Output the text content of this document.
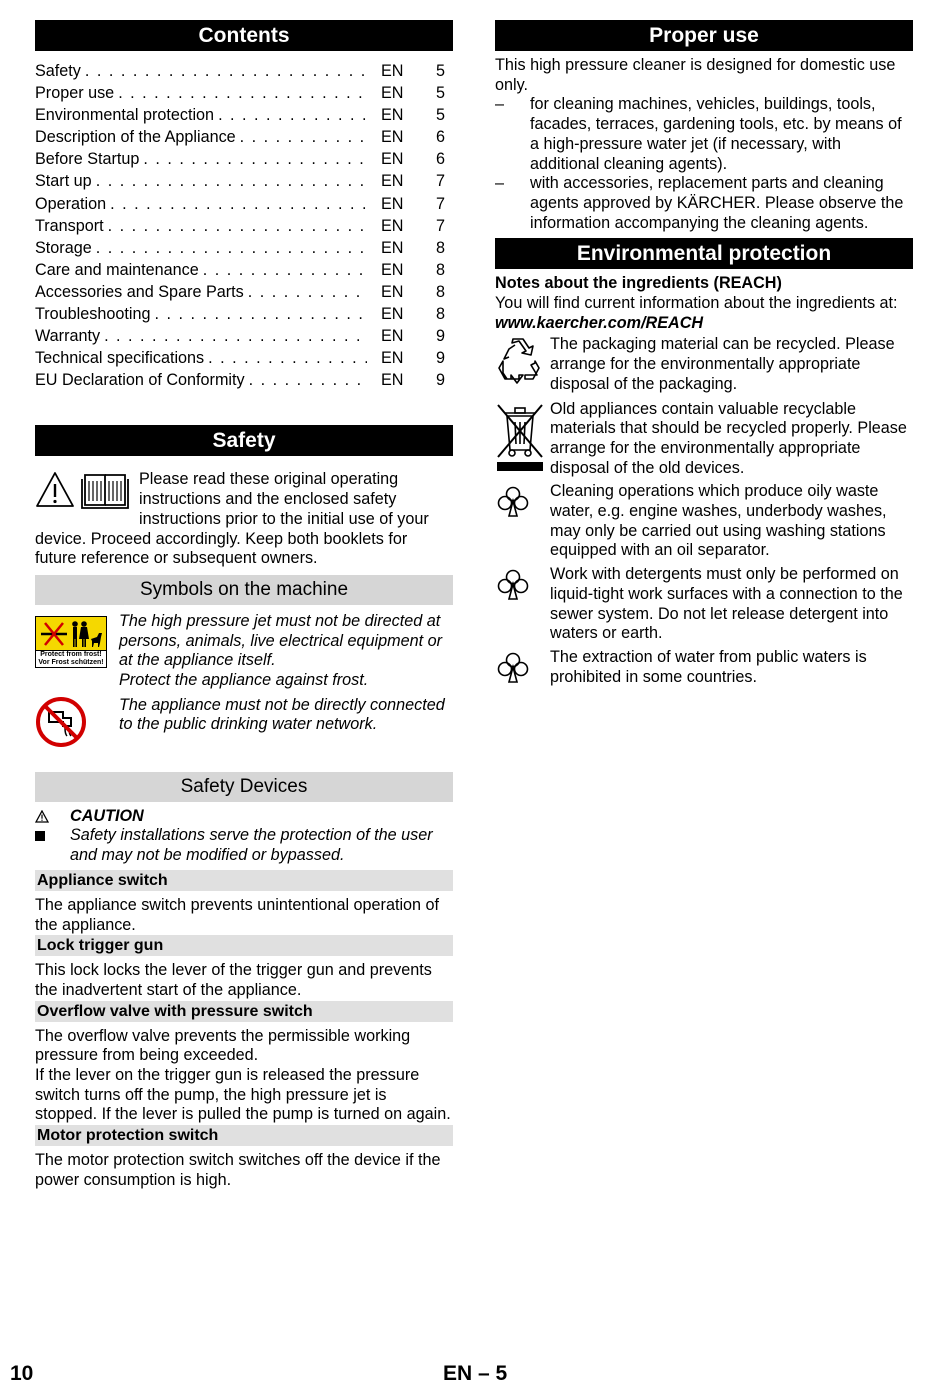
Contents
Safety . . .	EN	5
Proper use . . .	EN	5
Environmental protection . . .	EN	5
Description of the Appliance . . .	EN	6
Before Startup . . .	EN	6
Start up . . .	EN	7
Operation . . .	EN	7
Transport . . .	EN	7
Storage . . .	EN	8
Care and maintenance . . .	EN	8
Accessories and Spare Parts . . .	EN	8
Troubleshooting . . .	EN	8
Warranty . . .	EN	9
Technical specifications . . .	EN	9
EU Declaration of Conformity . . .	EN	9
Safety

Please read these original operating instructions and the enclosed safety instructions prior to the initial use of your device. Proceed accordingly. Keep both booklets for future reference or subsequent owners.

Symbols on the machine
Protect from frost!
Vor Frost schützen!

The high pressure jet must not be directed at persons, animals, live electrical equipment or at the appliance itself.

Protect the appliance against frost.

The appliance must not be directly connected to the public drinking water network.

Safety Devices

CAUTION

Safety installations serve the protection of the user and may not be modified or bypassed.

Appliance switch

The appliance switch prevents unintentional operation of the appliance.

Lock trigger gun

This lock locks the lever of the trigger gun and prevents the inadvertent start of the appliance.

Overflow valve with pressure switch

The overflow valve prevents the permissible working pressure from being exceeded.

If the lever on the trigger gun is released the pressure switch turns off the pump, the high pressure jet is stopped. If the lever is pulled the pump is turned on again.

Motor protection switch

The motor protection switch switches off the device if the power consumption is high.

Proper use

This high pressure cleaner is designed for domestic use only.

–	for cleaning machines, vehicles, buildings, tools, facades, terraces, gardening tools, etc. by means of a high-pressure water jet (if necessary, with additional cleaning agents).
–	with accessories, replacement parts and cleaning agents approved by KÄRCHER. Please observe the information accompanying the cleaning agents.
Environmental protection

Notes about the ingredients (REACH)

You will find current information about the ingredients at:

www.kaercher.com/REACH

The packaging material can be recycled. Please arrange for the environmentally appropriate disposal of the packaging.

Old appliances contain valuable recyclable materials that should be recycled properly. Please arrange for the environmentally appropriate disposal of the old devices.

Cleaning operations which produce oily waste water, e.g. engine washes, underbody washes, may only be carried out using washing stations equipped with an oil separator.

Work with detergents must only be performed on liquid-tight work surfaces with a connection to the sewer system. Do not let release detergent into waters or earth.

The extraction of water from public waters is prohibited in some countries.

10	EN – 5
